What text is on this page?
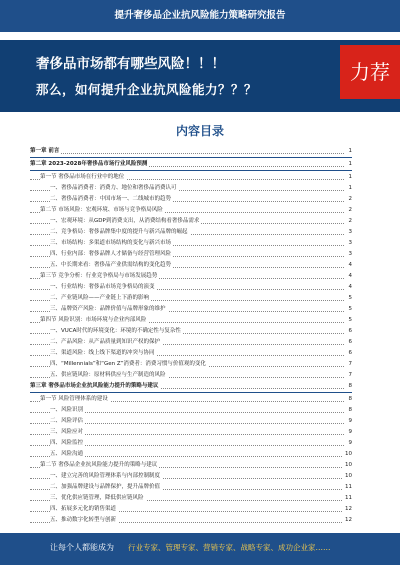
提升奢侈品企业抗风险能力策略研究报告
奢侈品市场都有哪些风险！！！
那么，如何提升企业抗风险能力？？？
力荐
内容目录
第一章 前言	1
第二章 2023-2028年奢侈品市场行业风险预测	1
第一节 奢侈品市场在行业中的地位	1
一、奢侈品消费者：消费力、地位和奢侈品消费认可	1
二、奢侈品消费者：中国市场一、二线城市的趋势	2
第二节 市场风险：宏观环境、市场与竞争格局风险	2
一、宏观环境：从GDP到消费支出，从消费结构看奢侈品需求	2
二、竞争格局：奢侈品牌集中度的提升与新兴品牌的崛起	3
三、市场结构：多渠道市场结构的变化与新兴市场	3
四、行业内部：奢侈品牌人才储备与经营管理风险	3
五、中长期来看：奢侈品产业供需结构的变化趋势	4
第三节 竞争分析：行业竞争格局与市场发展趋势	4
一、行业结构：奢侈品市场竞争格局的演变	4
二、产业链风险——产业链上下游的影响	5
三、品牌资产风险：品牌价值与品牌形象的维护	5
第四节 风险识别：市场环境与企业内部风险	5
一、VUCA时代的环境变化：环境的不确定性与复杂性	6
二、产品风险：从产品质量到知识产权的保护	6
三、渠道风险：线上线下渠道的冲突与协同	6
四、“Millennials”和“Gen Z”消费者：消费习惯与价值观的变化	7
五、供应链风险：原材料供应与生产制造的风险	7
第三章 奢侈品市场企业抗风险能力提升的策略与建议	8
第一节 风险管理体系的建设	8
一、风险识别	8
二、风险评估	9
三、风险应对	9
四、风险监控	9
五、风险沟通	10
第二节 奢侈品企业抗风险能力提升的策略与建议	10
一、建立完善的风险管理体系与内部控制制度	10
二、加强品牌建设与品牌保护，提升品牌价值	11
三、优化供应链管理，降低供应链风险	11
四、拓展多元化的销售渠道	12
五、推动数字化转型与创新	12
让每个人都能成为 行业专家、管理专家、营销专家、战略专家、成功企业家……
